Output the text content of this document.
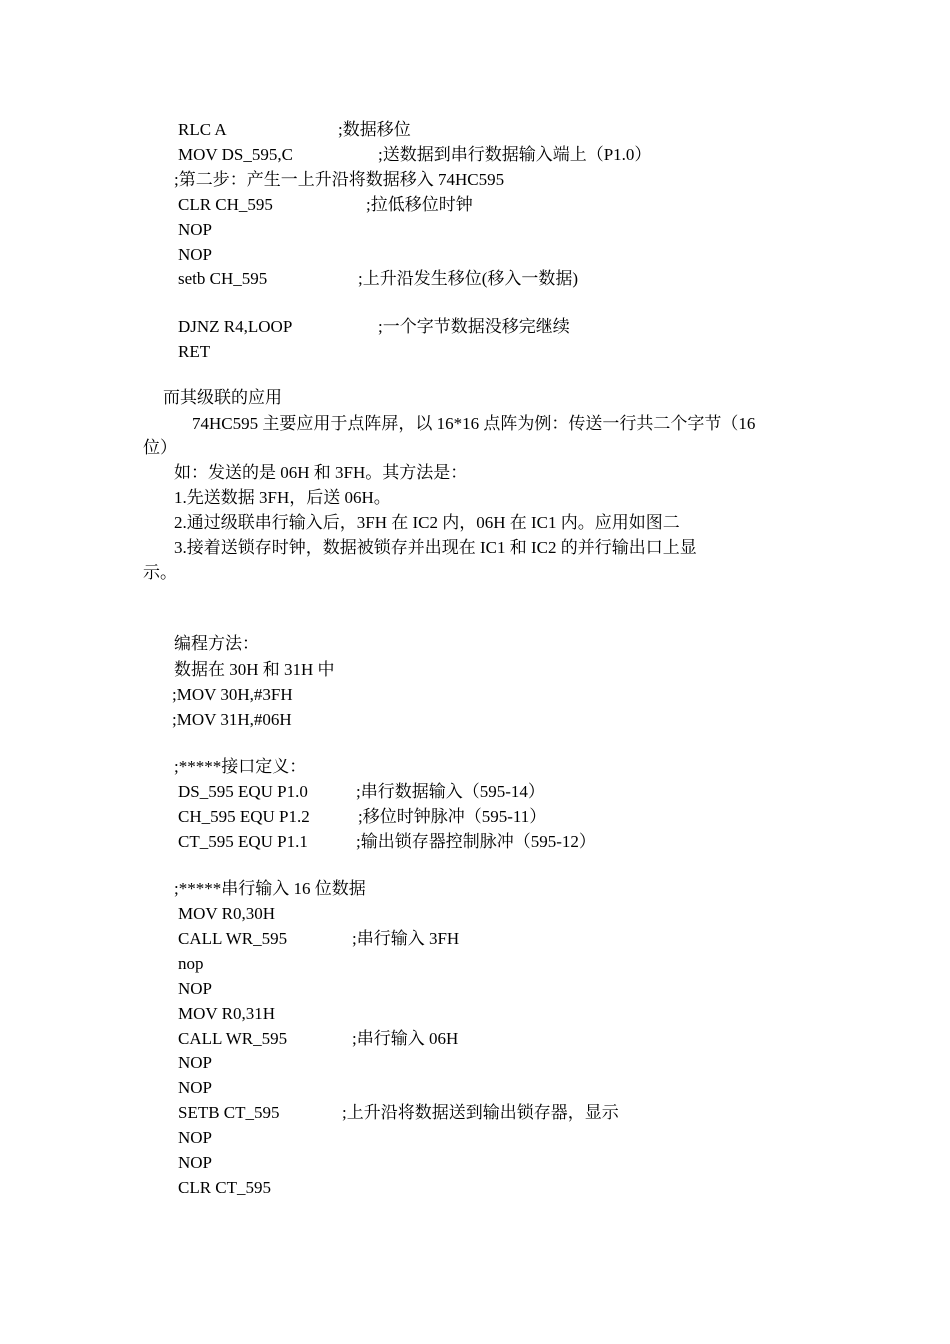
RLC A	;数据移位
MOV DS_595,C	;送数据到串行数据输入端上（P1.0）
;第二步：产生一上升沿将数据移入 74HC595
CLR CH_595	;拉低移位时钟
NOP
NOP
setb CH_595	;上升沿发生移位(移入一数据)
DJNZ R4,LOOP	;一个字节数据没移完继续
RET
而其级联的应用
74HC595 主要应用于点阵屏，以 16*16 点阵为例：传送一行共二个字节（16
位）
如：发送的是 06H 和 3FH。其方法是：
1.先送数据 3FH，后送 06H。
2.通过级联串行输入后，3FH 在 IC2 内，06H 在 IC1 内。应用如图二
3.接着送锁存时钟，数据被锁存并出现在 IC1 和 IC2 的并行输出口上显
示。
编程方法：
数据在 30H 和 31H 中
;MOV 30H,#3FH
;MOV 31H,#06H
;*****接口定义：
DS_595 EQU P1.0	;串行数据输入（595-14）
CH_595 EQU P1.2	;移位时钟脉冲（595-11）
CT_595 EQU P1.1	;输出锁存器控制脉冲（595-12）
;*****串行输入 16 位数据
MOV R0,30H
CALL WR_595	;串行输入 3FH
nop
NOP
MOV R0,31H
CALL WR_595	;串行输入 06H
NOP
NOP
SETB CT_595	;上升沿将数据送到输出锁存器，显示
NOP
NOP
CLR CT_595
